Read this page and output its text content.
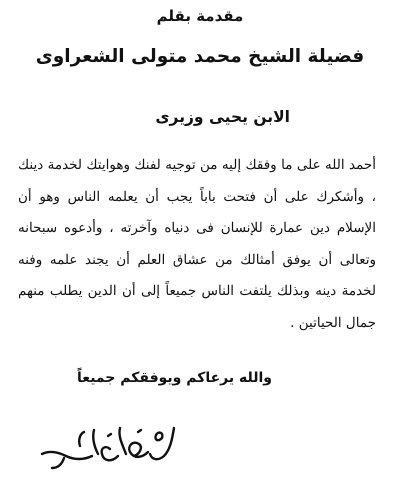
مقدمة بقلم
فضيلة الشيخ محمد متولى الشعراوى
الابن يحيى وزيرى

أحمد الله على ما وفقك إليه من توجيه لفنك وهوايتك لخدمة دينك ، وأشكرك على أن فتحت باباً يجب أن يعلمه الناس وهو أن الإسلام دين عمارة للإنسان فى دنياه وآخرته ، وأدعوه سبحانه وتعالى أن يوفق أمثالك من عشاق العلم أن يجند علمه وفنه لخدمة دينه وبذلك يلتفت الناس جميعاً إلى أن الدين يطلب منهم جمال الحياتين .

والله يرعاكم ويوفقكم جميعاً
